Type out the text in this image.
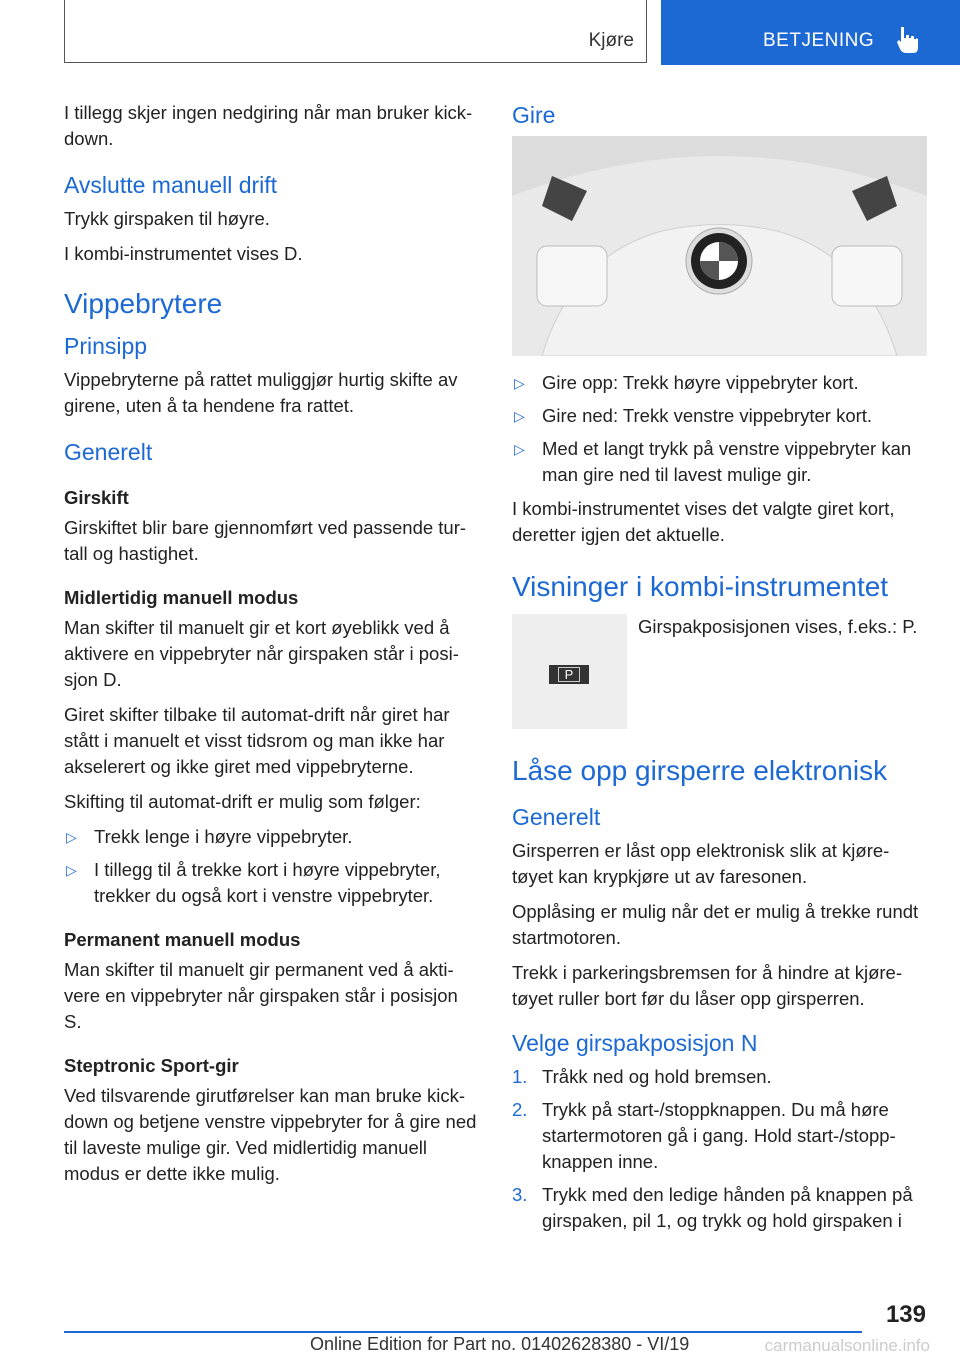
Kjøre	BETJENING

I tillegg skjer ingen nedgiring når man bruker kick-down.

Avslutte manuell drift

Trykk girspaken til høyre.

I kombi-instrumentet vises D.

Vippebrytere
Prinsipp

Vippebryterne på rattet muliggjør hurtig skifte av girene, uten å ta hendene fra rattet.

Generelt
Girskift

Girskiftet blir bare gjennomført ved passende tur-tall og hastighet.

Midlertidig manuell modus

Man skifter til manuelt gir et kort øyeblikk ved å aktivere en vippebryter når girspaken står i posi-sjon D.

Giret skifter tilbake til automat-drift når giret har stått i manuelt et visst tidsrom og man ikke har akselerert og ikke giret med vippebryterne.

Skifting til automat-drift er mulig som følger:

▷ Trekk lenge i høyre vippebryter.
▷ I tillegg til å trekke kort i høyre vippebryter, trekker du også kort i venstre vippebryter.
Permanent manuell modus

Man skifter til manuelt gir permanent ved å akti-vere en vippebryter når girspaken står i posisjon S.

Steptronic Sport-gir

Ved tilsvarende girutførelser kan man bruke kick-down og betjene venstre vippebryter for å gire ned til laveste mulige gir. Ved midlertidig manuell modus er dette ikke mulig.

Gire
▷ Gire opp: Trekk høyre vippebryter kort.
▷ Gire ned: Trekk venstre vippebryter kort.
▷ Med et langt trykk på venstre vippebryter kan man gire ned til lavest mulige gir.

I kombi-instrumentet vises det valgte giret kort, deretter igjen det aktuelle.

Visninger i kombi-instrumentet
P
Girspakposisjonen vises, f.eks.: P.
Låse opp girsperre elektronisk
Generelt

Girsperren er låst opp elektronisk slik at kjøre-tøyet kan krypkjøre ut av faresonen.

Opplåsing er mulig når det er mulig å trekke rundt startmotoren.

Trekk i parkeringsbremsen for å hindre at kjøre-tøyet ruller bort før du låser opp girsperren.

Velge girspakposisjon N
1. Tråkk ned og hold bremsen.
2. Trykk på start-/stoppknappen. Du må høre startermotoren gå i gang. Hold start-/stopp-knappen inne.
3. Trykk med den ledige hånden på knappen på girspaken, pil 1, og trykk og hold girspaken i
139
Online Edition for Part no. 01402628380 - VI/19	carmanualsonline.info
